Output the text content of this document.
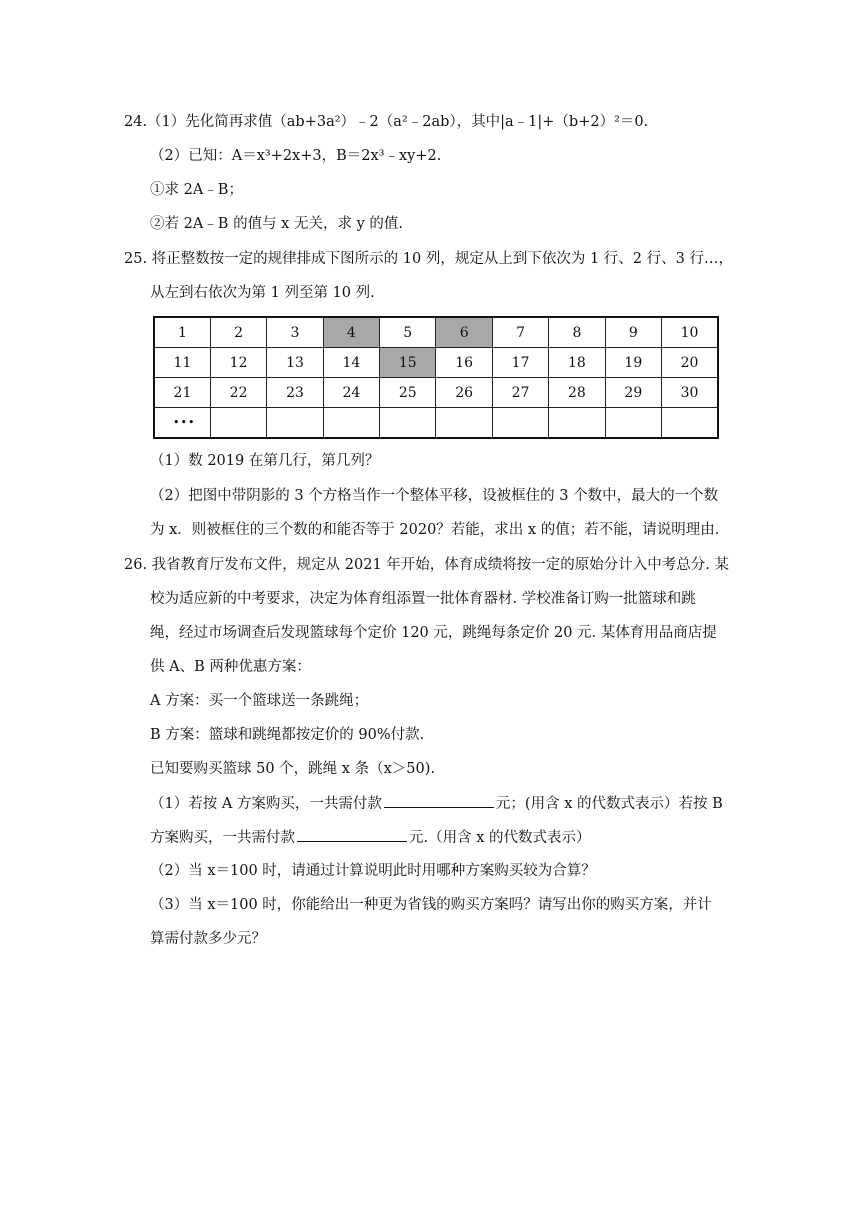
24.（1）先化简再求值（ab+3a²）﹣2（a²﹣2ab），其中|a﹣1|+（b+2）²＝0.
（2）已知：A＝x³+2x+3，B＝2x³﹣xy+2.
①求 2A﹣B；
②若 2A﹣B 的值与 x 无关，求 y 的值.
25. 将正整数按一定的规律排成下图所示的 10 列，规定从上到下依次为 1 行、2 行、3 行…，
从左到右依次为第 1 列至第 10 列.
1	2	3	4	5	6	7	8	9	10
11	12	13	14	15	16	17	18	19	20
21	22	23	24	25	26	27	28	29	30
•••									
（1）数 2019 在第几行，第几列？
（2）把图中带阴影的 3 个方格当作一个整体平移，设被框住的 3 个数中，最大的一个数
为 x．则被框住的三个数的和能否等于 2020？若能，求出 x 的值；若不能，请说明理由.
26. 我省教育厅发布文件，规定从 2021 年开始，体育成绩将按一定的原始分计入中考总分. 某
校为适应新的中考要求，决定为体育组添置一批体育器材. 学校准备订购一批篮球和跳
绳，经过市场调查后发现篮球每个定价 120 元，跳绳每条定价 20 元. 某体育用品商店提
供 A、B 两种优惠方案：
A 方案：买一个篮球送一条跳绳；
B 方案：篮球和跳绳都按定价的 90%付款.
已知要购买篮球 50 个，跳绳 x 条（x＞50).
（1）若按 A 方案购买，一共需付款	元；(用含 x 的代数式表示）若按 B
方案购买，一共需付款	元.（用含 x 的代数式表示）
（2）当 x＝100 时，请通过计算说明此时用哪种方案购买较为合算？
（3）当 x＝100 时，你能给出一种更为省钱的购买方案吗？请写出你的购买方案，并计
算需付款多少元？
